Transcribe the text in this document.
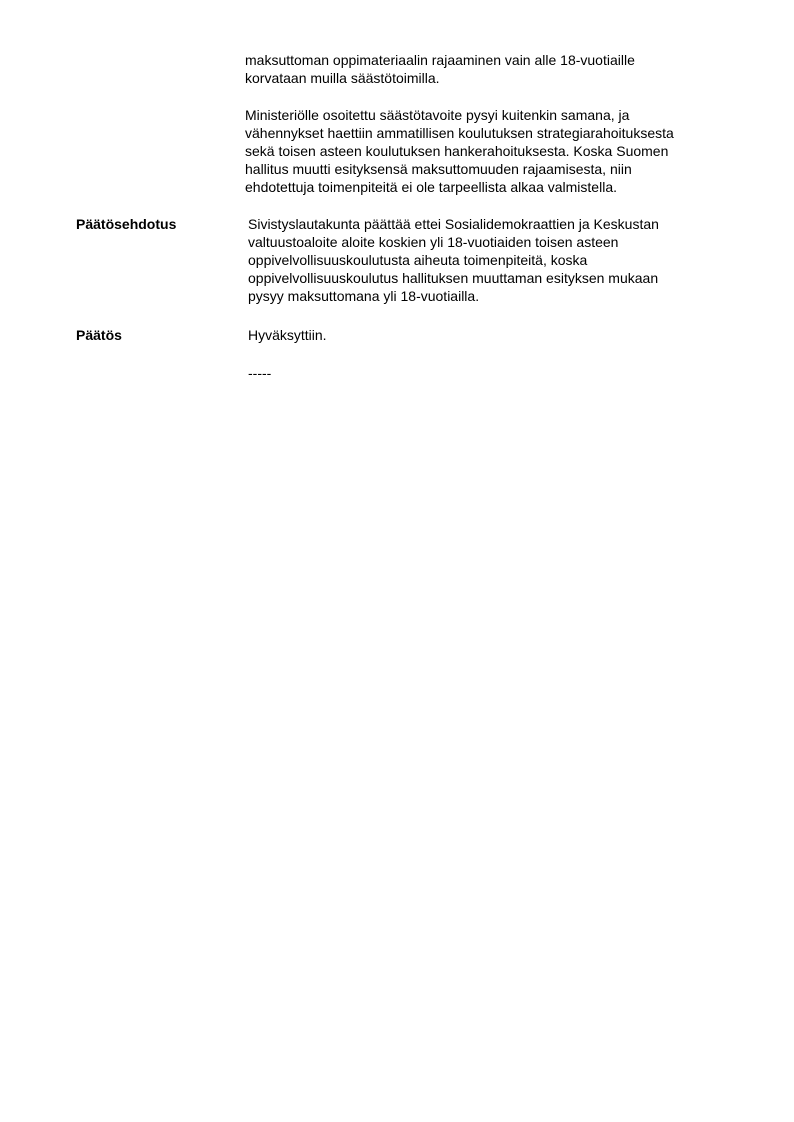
maksuttoman oppimateriaalin rajaaminen vain alle 18-vuotiaille
korvataan muilla säästötoimilla.
Ministeriölle osoitettu säästötavoite pysyi kuitenkin samana, ja
vähennykset haettiin ammatillisen koulutuksen strategiarahoituksesta
sekä toisen asteen koulutuksen hankerahoituksesta. Koska Suomen
hallitus muutti esityksensä maksuttomuuden rajaamisesta, niin
ehdotettuja toimenpiteitä ei ole tarpeellista alkaa valmistella.
Päätösehdotus	Sivistyslautakunta päättää ettei Sosialidemokraattien ja Keskustan
valtuustoaloite aloite koskien yli 18-vuotiaiden toisen asteen
oppivelvollisuuskoulutusta aiheuta toimenpiteitä, koska
oppivelvollisuuskoulutus hallituksen muuttaman esityksen mukaan
pysyy maksuttomana yli 18-vuotiailla.
Päätös	Hyväksyttiin.
-----
